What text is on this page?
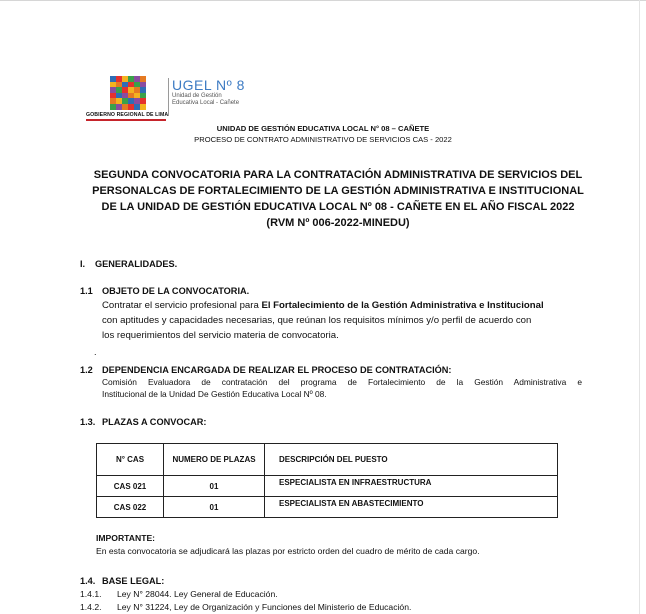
GOBIERNO REGIONAL DE LIMA
UGEL Nº 8
Unidad de Gestión
Educativa Local - Cañete
UNIDAD DE GESTIÓN EDUCATIVA LOCAL N° 08 – CAÑETE
PROCESO DE CONTRATO ADMINISTRATIVO DE SERVICIOS CAS - 2022
SEGUNDA CONVOCATORIA PARA LA CONTRATACIÓN ADMINISTRATIVA DE SERVICIOS DEL
PERSONALCAS DE FORTALECIMIENTO DE LA GESTIÓN ADMINISTRATIVA E INSTITUCIONAL
DE LA UNIDAD DE GESTIÓN EDUCATIVA LOCAL Nº 08 - CAÑETE EN EL AÑO FISCAL 2022
(RVM Nº 006-2022-MINEDU)
I. GENERALIDADES.
1.1 OBJETO DE LA CONVOCATORIA.
Contratar el servicio profesional para El Fortalecimiento de la Gestión Administrativa e Institucional
con aptitudes y capacidades necesarias, que reúnan los requisitos mínimos y/o perfil de acuerdo con
los requerimientos del servicio materia de convocatoria.
.
1.2 DEPENDENCIA ENCARGADA DE REALIZAR EL PROCESO DE CONTRATACIÓN:
Comisión Evaluadora de contratación del programa de Fortalecimiento de la Gestión Administrativa e
Institucional de la Unidad De Gestión Educativa Local Nº 08.
1.3. PLAZAS A CONVOCAR:
N° CAS	NUMERO DE PLAZAS	DESCRIPCIÓN DEL PUESTO
CAS 021	01	ESPECIALISTA EN INFRAESTRUCTURA
CAS 022	01	ESPECIALISTA EN ABASTECIMIENTO
IMPORTANTE:
En esta convocatoria se adjudicará las plazas por estricto orden del cuadro de mérito de cada cargo.
1.4. BASE LEGAL:
1.4.1. Ley N° 28044. Ley General de Educación.
1.4.2. Ley N° 31224, Ley de Organización y Funciones del Ministerio de Educación.
